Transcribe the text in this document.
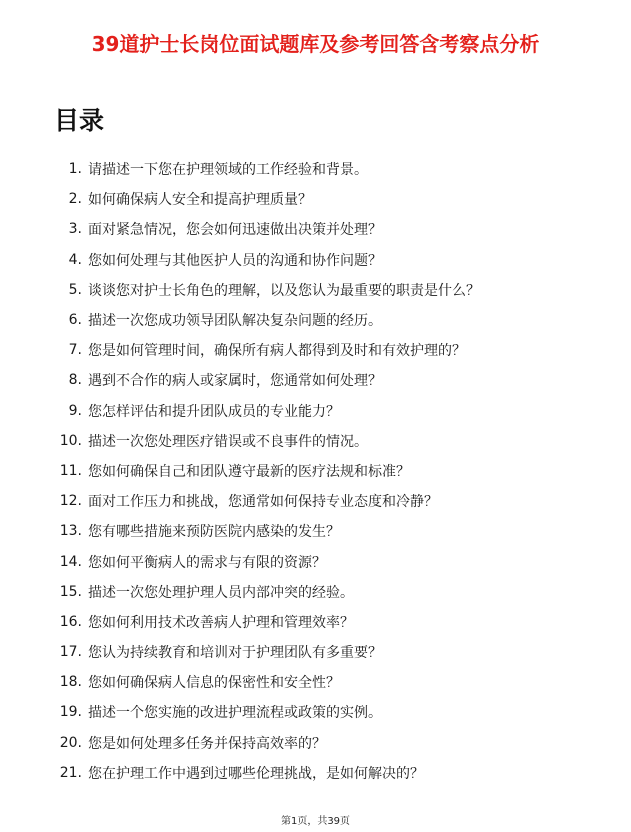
39道护士长岗位面试题库及参考回答含考察点分析
目录
1. 请描述一下您在护理领域的工作经验和背景。
2. 如何确保病人安全和提高护理质量？
3. 面对紧急情况，您会如何迅速做出决策并处理？
4. 您如何处理与其他医护人员的沟通和协作问题？
5. 谈谈您对护士长角色的理解，以及您认为最重要的职责是什么？
6. 描述一次您成功领导团队解决复杂问题的经历。
7. 您是如何管理时间，确保所有病人都得到及时和有效护理的？
8. 遇到不合作的病人或家属时，您通常如何处理？
9. 您怎样评估和提升团队成员的专业能力？
10. 描述一次您处理医疗错误或不良事件的情况。
11. 您如何确保自己和团队遵守最新的医疗法规和标准？
12. 面对工作压力和挑战，您通常如何保持专业态度和冷静？
13. 您有哪些措施来预防医院内感染的发生？
14. 您如何平衡病人的需求与有限的资源？
15. 描述一次您处理护理人员内部冲突的经验。
16. 您如何利用技术改善病人护理和管理效率？
17. 您认为持续教育和培训对于护理团队有多重要？
18. 您如何确保病人信息的保密性和安全性？
19. 描述一个您实施的改进护理流程或政策的实例。
20. 您是如何处理多任务并保持高效率的？
21. 您在护理工作中遇到过哪些伦理挑战，是如何解决的？
第1页，共39页
